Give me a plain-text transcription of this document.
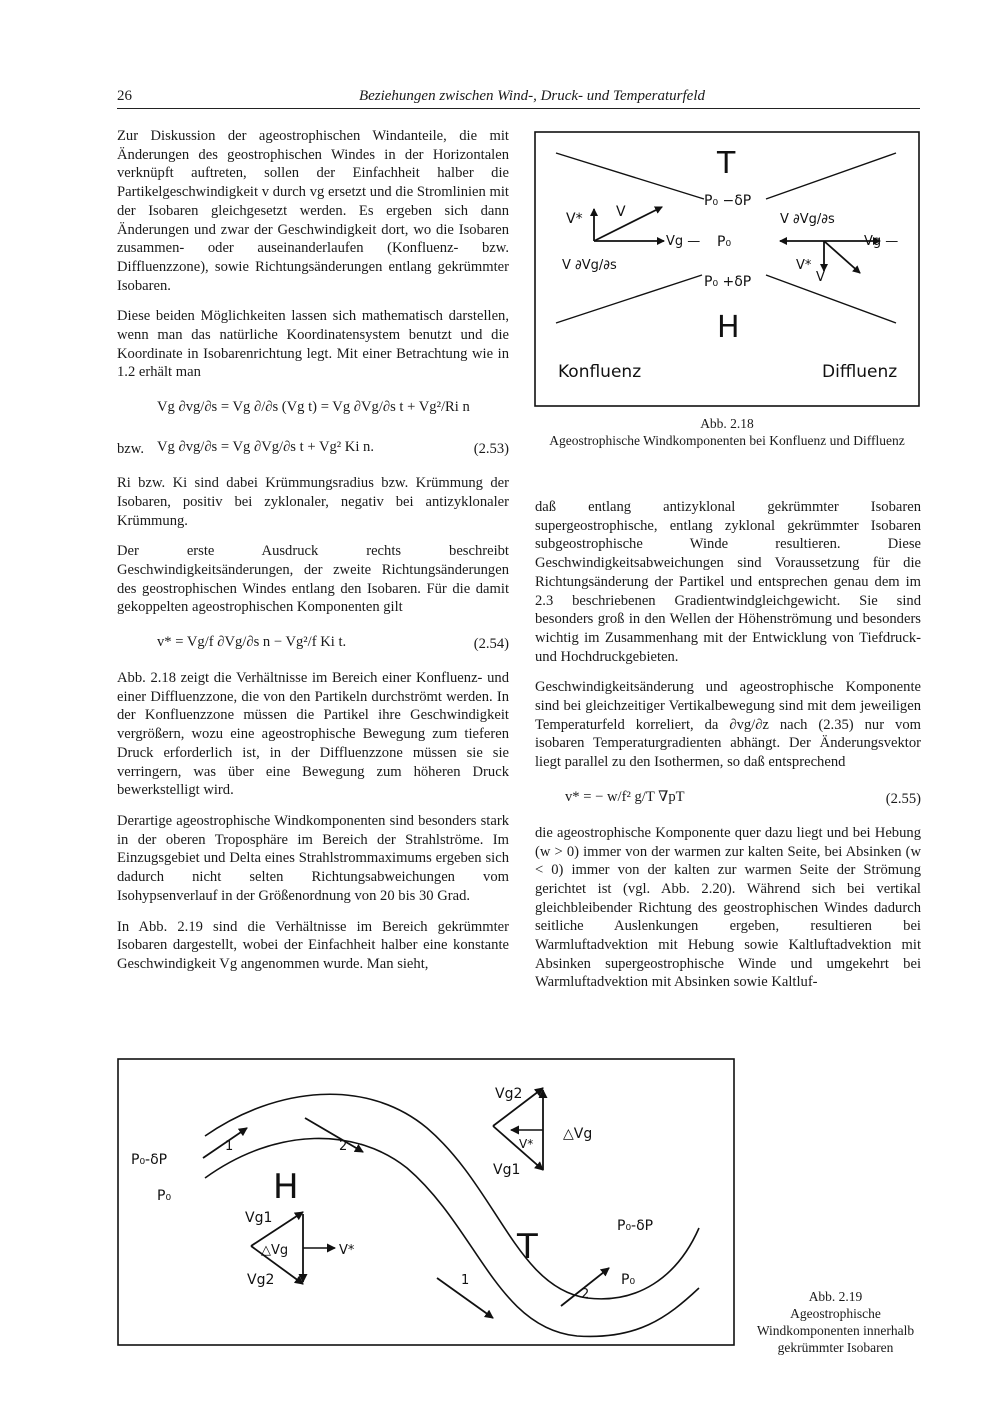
26	Beziehungen zwischen Wind-, Druck- und Temperaturfeld

Zur Diskussion der ageostrophischen Windanteile, die mit Änderungen des geostrophischen Windes in der Horizontalen verknüpft auftreten, sollen der Einfachheit halber die Partikelgeschwindigkeit v durch vg ersetzt und die Stromlinien mit der Isobaren gleichgesetzt werden. Es ergeben sich dann Änderungen und zwar der Geschwindigkeit dort, wo die Isobaren zusammen- oder auseinanderlaufen (Konfluenz- bzw. Diffluenzzone), sowie Richtungsänderungen entlang gekrümmter Isobaren.

Diese beiden Möglichkeiten lassen sich mathematisch darstellen, wenn man das natürliche Koordinatensystem benutzt und die Koordinate in Isobarenrichtung legt. Mit einer Betrachtung wie in 1.2 erhält man

Vg ∂vg/∂s = Vg ∂/∂s (Vg t) = Vg ∂Vg/∂s t + Vg²/Ri n
bzw. Vg ∂vg/∂s = Vg ∂Vg/∂s t + Vg² Ki n.	(2.53)

Ri bzw. Ki sind dabei Krümmungsradius bzw. Krümmung der Isobaren, positiv bei zyklonaler, negativ bei antizyklonaler Krümmung.

Der erste Ausdruck rechts beschreibt Geschwindigkeitsänderungen, der zweite Richtungsänderungen des geostrophischen Windes entlang den Isobaren. Für die damit gekoppelten ageostrophischen Komponenten gilt

v* = Vg/f ∂Vg/∂s n − Vg²/f Ki t.	(2.54)

Abb. 2.18 zeigt die Verhältnisse im Bereich einer Konfluenz- und einer Diffluenzzone, die von den Partikeln durchströmt werden. In der Konfluenzzone müssen die Partikel ihre Geschwindigkeit vergrößern, wozu eine ageostrophische Bewegung zum tieferen Druck erforderlich ist, in der Diffluenzzone müssen sie sie verringern, was über eine Bewegung zum höheren Druck bewerkstelligt wird.

Derartige ageostrophische Windkomponenten sind besonders stark in der oberen Troposphäre im Bereich der Strahlströme. Im Einzugsgebiet und Delta eines Strahlstrommaximums ergeben sich dadurch nicht selten Richtungsabweichungen vom Isohypsenverlauf in der Größenordnung von 20 bis 30 Grad.

In Abb. 2.19 sind die Verhältnisse im Bereich gekrümmter Isobaren dargestellt, wobei der Einfachheit halber eine konstante Geschwindigkeit Vg angenommen wurde. Man sieht,

daß entlang antizyklonal gekrümmter Isobaren supergeostrophische, entlang zyklonal gekrümmter Isobaren subgeostrophische Winde resultieren. Diese Geschwindigkeitsabweichungen sind Voraussetzung für die Richtungsänderung der Partikel und entsprechen genau dem im 2.3 beschriebenen Gradientwindgleichgewicht. Sie sind besonders groß in den Wellen der Höhenströmung und besonders wichtig im Zusammenhang mit der Entwicklung von Tiefdruck- und Hochdruckgebieten.

Geschwindigkeitsänderung und ageostrophische Komponente sind bei gleichzeitiger Vertikalbewegung sind mit dem jeweiligen Temperaturfeld korreliert, da ∂vg/∂z nach (2.35) nur vom isobaren Temperaturgradienten abhängt. Der Änderungsvektor liegt parallel zu den Isothermen, so daß entsprechend

v* = − w/f² g/T ∇pT	(2.55)

die ageostrophische Komponente quer dazu liegt und bei Hebung (w > 0) immer von der warmen zur kalten Seite, bei Absinken (w < 0) immer von der kalten zur warmen Seite der Strömung gerichtet ist (vgl. Abb. 2.20). Während sich bei vertikal gleichbleibender Richtung des geostrophischen Windes dadurch seitliche Auslenkungen ergeben, resultieren bei Warmluftadvektion mit Hebung sowie Kaltluftadvektion mit Absinken supergeostrophische Winde und umgekehrt bei Warmluftadvektion mit Absinken sowie Kaltluf-

T
H
P₀ −δP
P₀
P₀ +δP
Konfluenz	Diffluenz
V* V
Vg —
V ∂Vg/∂s
V ∂Vg/∂s
Vg —
V*
V
Abb. 2.18
Ageostrophische Windkomponenten bei Konfluenz und Diffluenz
H
T
P₀-δP
P₀
P₀-δP
P₀
1	2
1
2
Vg2
Vg1
△Vg
V*
Vg1
Vg2
△Vg	V*
Abb. 2.19
Ageostrophische
Windkomponenten innerhalb
gekrümmter Isobaren
